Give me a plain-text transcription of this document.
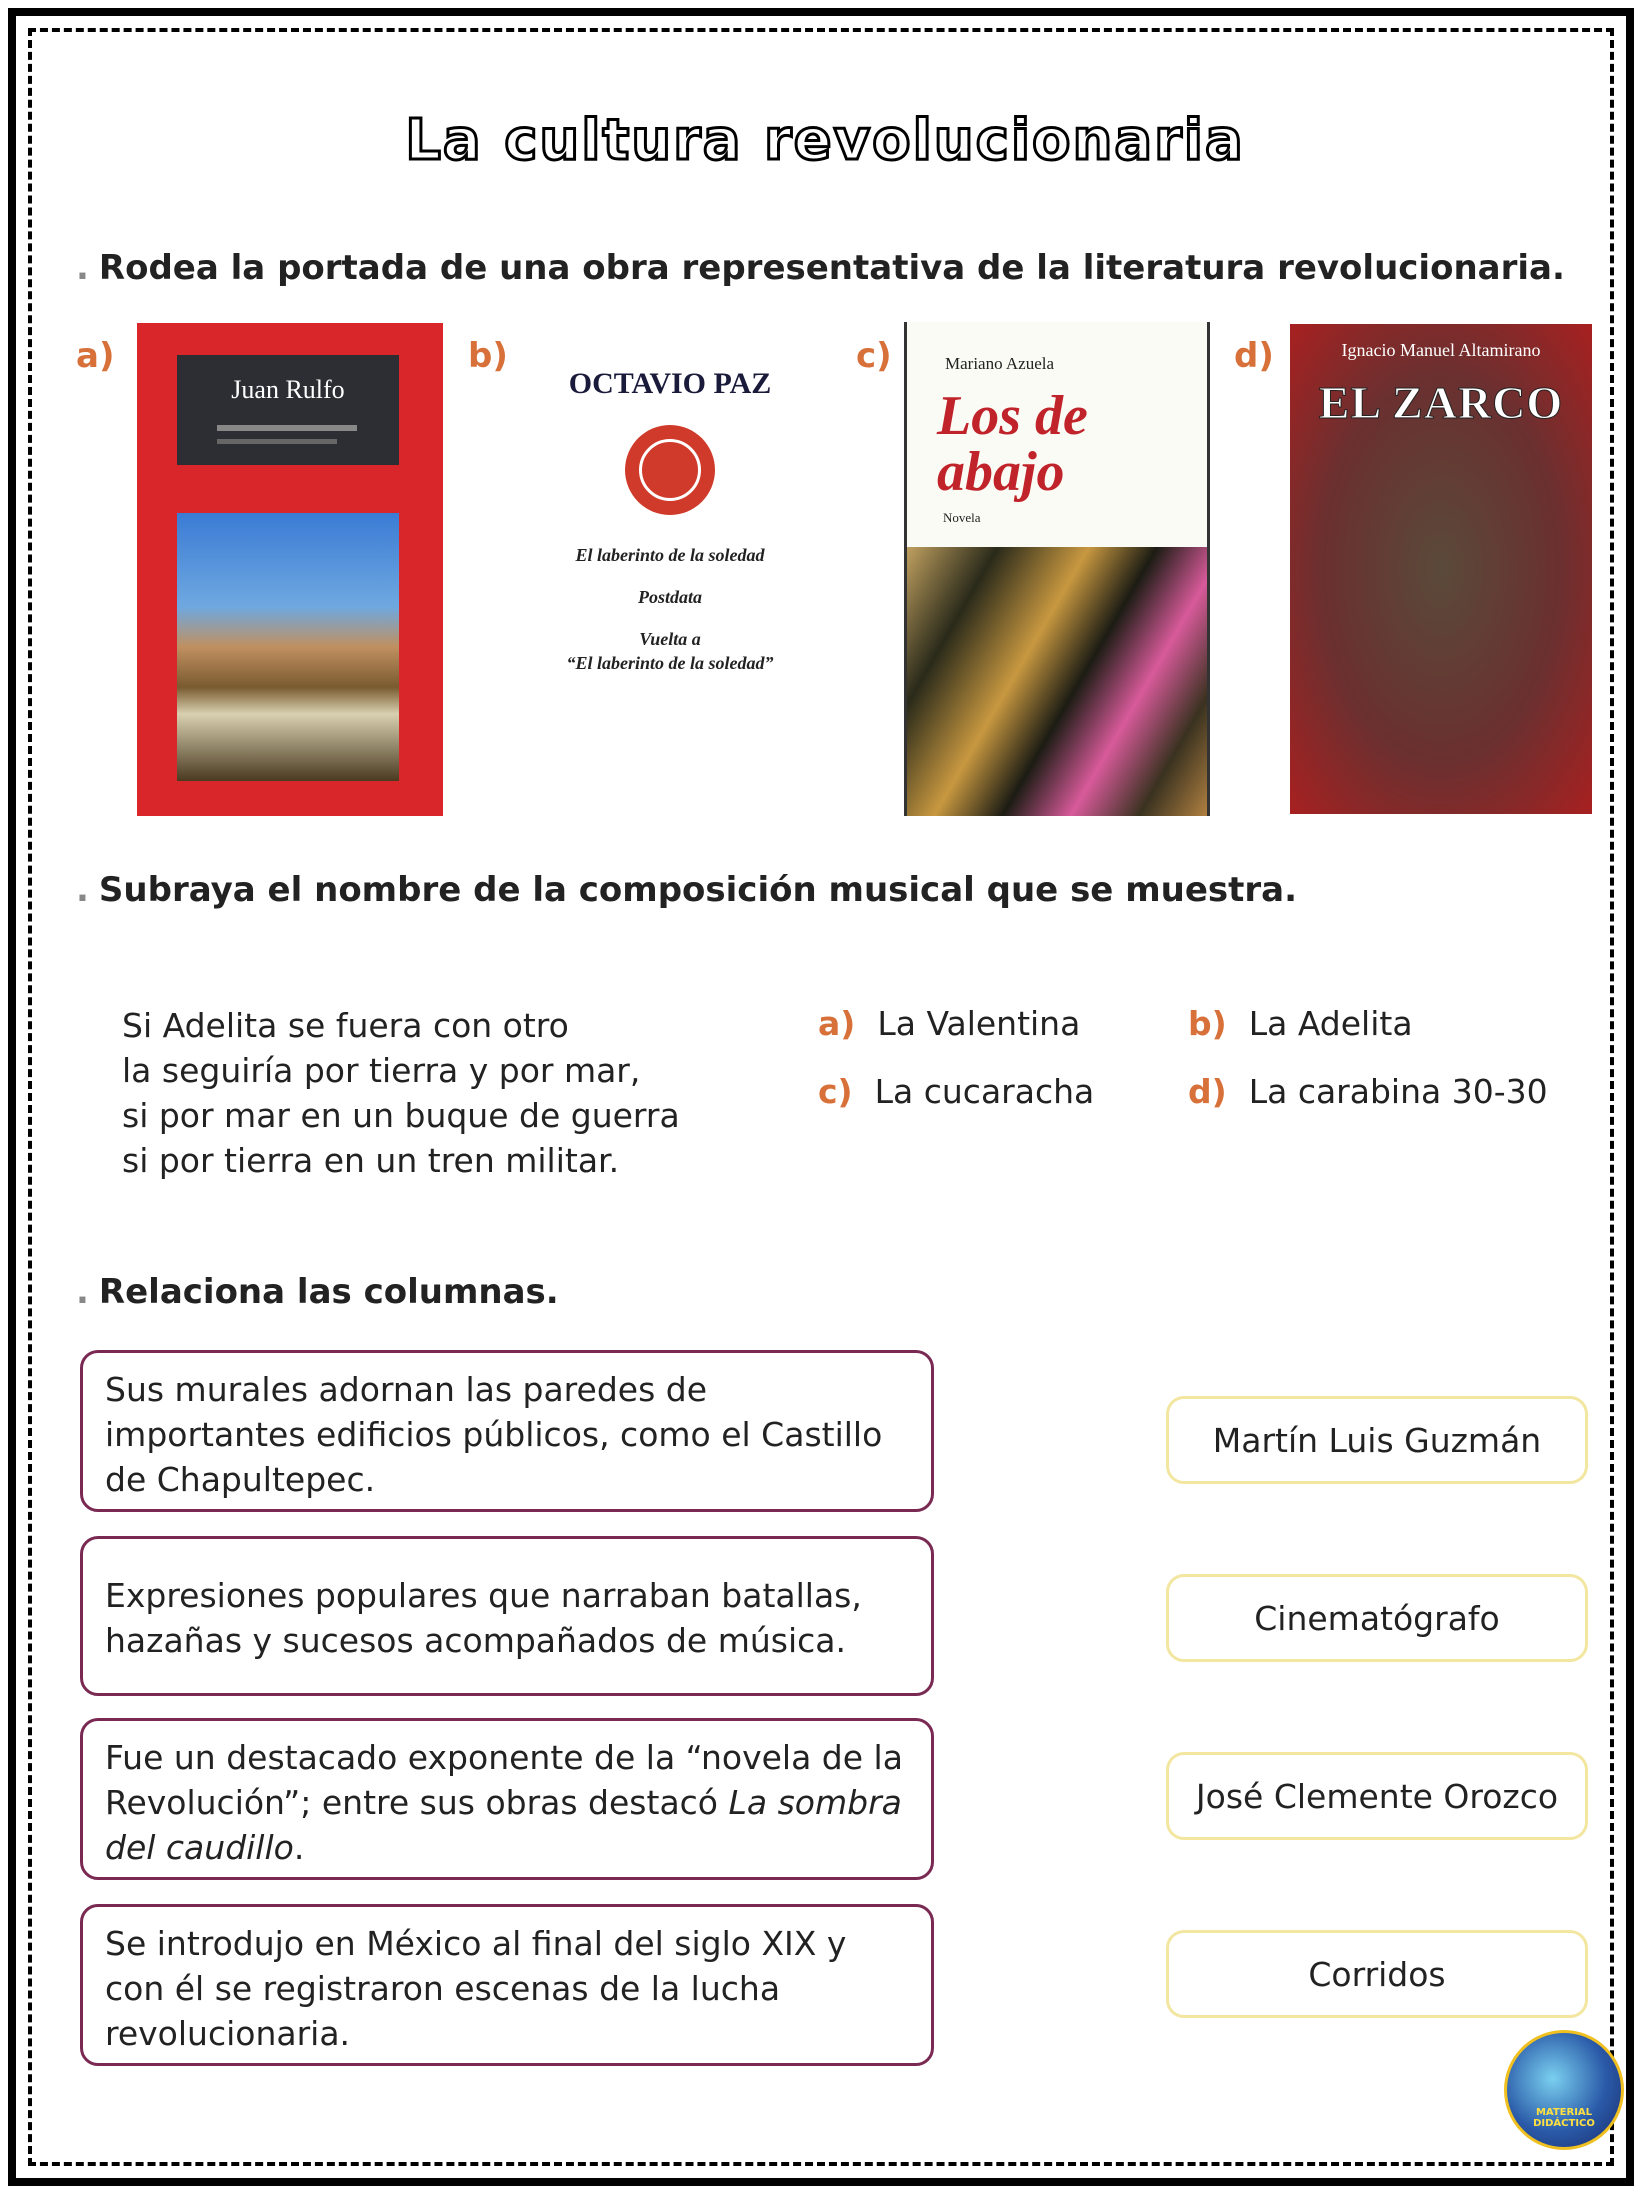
La cultura revolucionaria
. Rodea la portada de una obra representativa de la literatura revolucionaria.
a)
Juan Rulfo
b)
OCTAVIO PAZ
El laberinto de la soledad
Postdata
Vuelta a
“El laberinto de la soledad”
c)	Mariano Azuela
Los de
abajo
Novela
d)	Ignacio Manuel Altamirano
EL ZARCO
. Subraya el nombre de la composición musical que se muestra.
Si Adelita se fuera con otro
la seguiría por tierra y por mar,
si por mar en un buque de guerra
si por tierra en un tren militar.
a) La Valentina	b) La Adelita
c) La cucaracha	d) La carabina 30-30
. Relaciona las columnas.
Sus murales adornan las paredes de importantes edificios públicos, como el Castillo de Chapultepec.
Expresiones populares que narraban batallas, hazañas y sucesos acompañados de música.
Fue un destacado exponente de la “novela de la Revolución”; entre sus obras destacó La sombra del caudillo.
Se introdujo en México al final del siglo XIX y con él se registraron escenas de la lucha revolucionaria.
Martín Luis Guzmán
Cinematógrafo
José Clemente Orozco
Corridos
MATERIAL DIDÁCTICO
